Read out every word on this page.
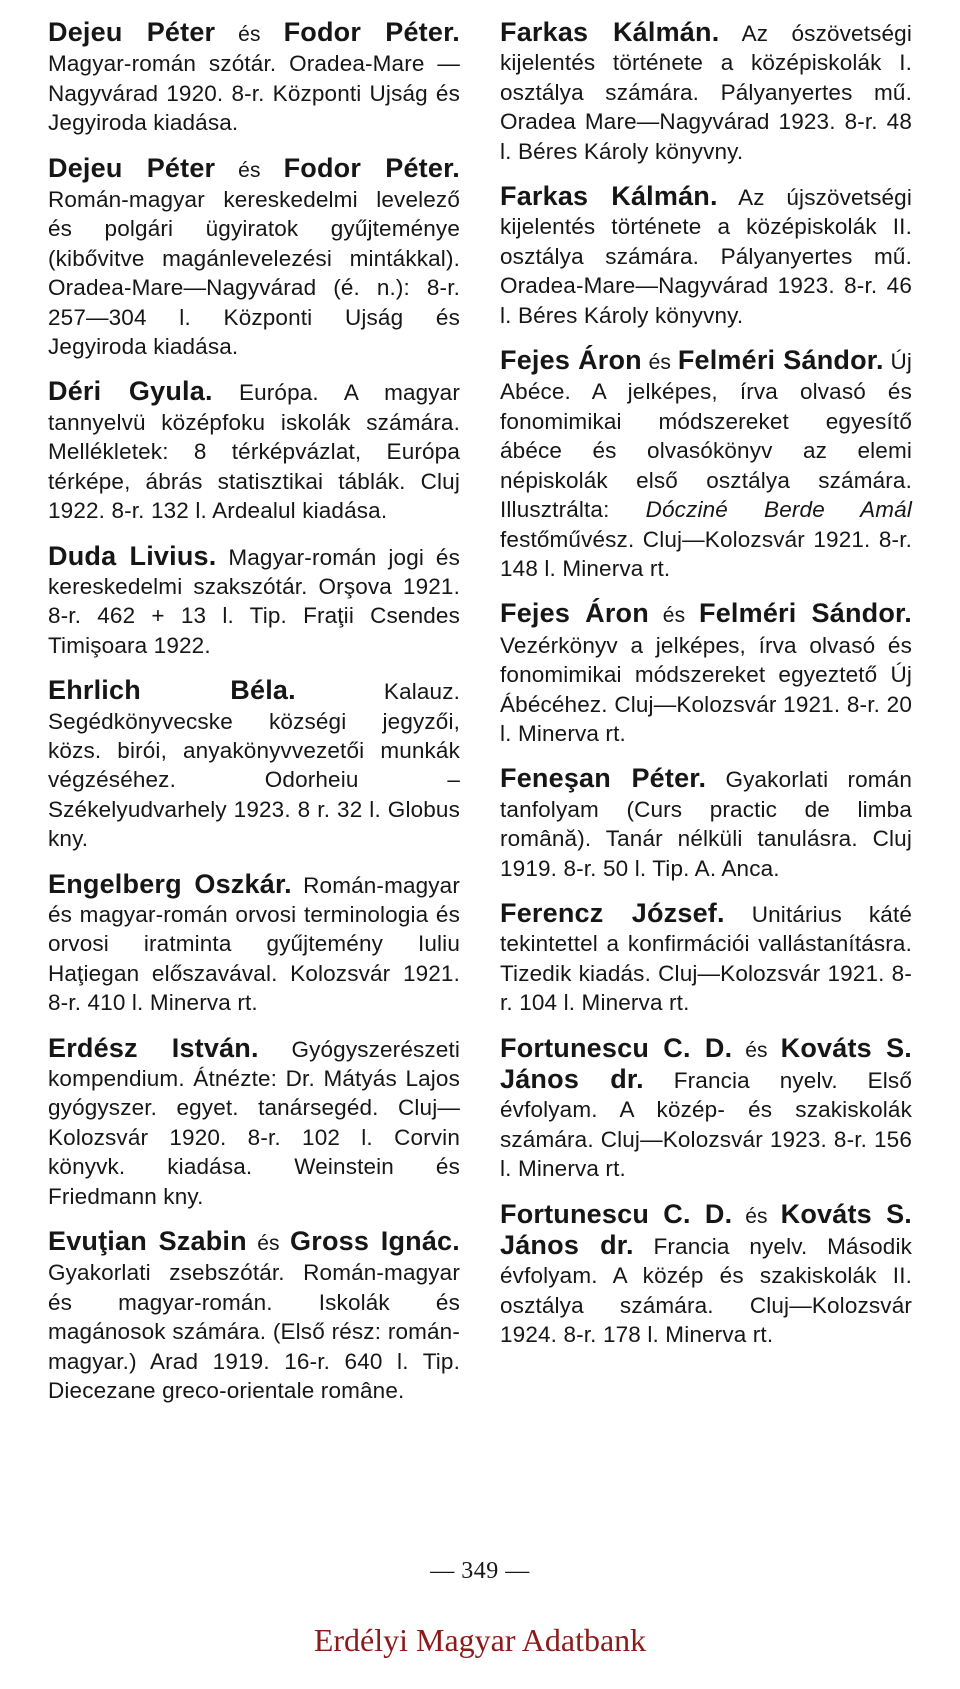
Dejeu Péter és Fodor Péter. Magyar-román szótár. Oradea-Mare —Nagyvárad 1920. 8-r. Központi Ujság és Jegyiroda kiadása.

Dejeu Péter és Fodor Péter. Román-magyar kereskedelmi levelező és polgári ügyiratok gyűjteménye (kibővitve magánlevelezési mintákkal). Oradea-Mare—Nagyvárad (é. n.): 8-r. 257—304 l. Központi Ujság és Jegyiroda kiadása.

Déri Gyula. Európa. A magyar tannyelvü középfoku iskolák számára. Mellékletek: 8 térképvázlat, Európa térképe, ábrás statisztikai táblák. Cluj 1922. 8-r. 132 l. Ardealul kiadása.

Duda Livius. Magyar-román jogi és kereskedelmi szakszótár. Orşova 1921. 8-r. 462 + 13 l. Tip. Fraţii Csendes Timişoara 1922.

Ehrlich Béla.	Kalauz. Segédkönyvecske községi jegyzői, közs. birói, anyakönyvvezetői munkák végzéséhez. Odorheiu – Székelyudvarhely 1923. 8 r. 32 l. Globus kny.

Engelberg Oszkár. Román-magyar és magyar-román orvosi terminologia és orvosi iratminta gyűjtemény Iuliu Haţiegan előszavával. Kolozsvár 1921. 8-r. 410 l. Minerva rt.

Erdész István. Gyógyszerészeti kompendium. Átnézte: Dr. Mátyás Lajos gyógyszer. egyet. tanársegéd. Cluj—Kolozsvár 1920. 8-r. 102 l. Corvin könyvk. kiadása. Weinstein és Friedmann kny.

Evuţian Szabin és Gross Ignác. Gyakorlati zsebszótár. Román-magyar és magyar-román. Iskolák és magánosok számára. (Első rész: román-magyar.) Arad 1919. 16-r. 640 l. Tip. Diecezane greco-orientale române.

Farkas Kálmán. Az ószövetségi kijelentés története a középiskolák I. osztálya számára. Pályanyertes mű. Oradea Mare—Nagyvárad 1923. 8-r. 48 l. Béres Károly könyvny.

Farkas Kálmán. Az újszövetségi kijelentés története a középiskolák II. osztálya számára. Pályanyertes mű. Oradea-Mare—Nagyvárad 1923. 8-r. 46 l. Béres Károly könyvny.

Fejes Áron és Felméri Sándor. Új Abéce. A jelképes, írva olvasó és fonomimikai módszereket egyesítő ábéce és olvasókönyv az elemi népiskolák első osztálya számára. Illusztrálta: Dócziné Berde Amál festőművész. Cluj—Kolozsvár 1921. 8-r. 148 l. Minerva rt.

Fejes Áron és Felméri Sándor. Vezérkönyv a jelképes, írva olvasó és fonomimikai módszereket egyeztető Új Ábécéhez. Cluj—Kolozsvár 1921. 8-r. 20 l. Minerva rt.

Feneşan Péter. Gyakorlati román tanfolyam (Curs practic de limba română). Tanár nélküli tanulásra. Cluj 1919. 8-r. 50 l. Tip. A. Anca.

Ferencz József. Unitárius káté tekintettel a konfirmációi vallástanításra. Tizedik kiadás. Cluj—Kolozsvár 1921. 8-r. 104 l. Minerva rt.

Fortunescu C. D. és Kováts S. János dr. Francia nyelv. Első évfolyam. A közép- és szakiskolák számára. Cluj—Kolozsvár 1923. 8-r. 156 l. Minerva rt.

Fortunescu C. D. és Kováts S. János dr. Francia nyelv. Második évfolyam. A közép és szakiskolák II. osztálya számára. Cluj—Kolozsvár 1924. 8-r. 178 l. Minerva rt.

— 349 —
Erdélyi Magyar Adatbank
